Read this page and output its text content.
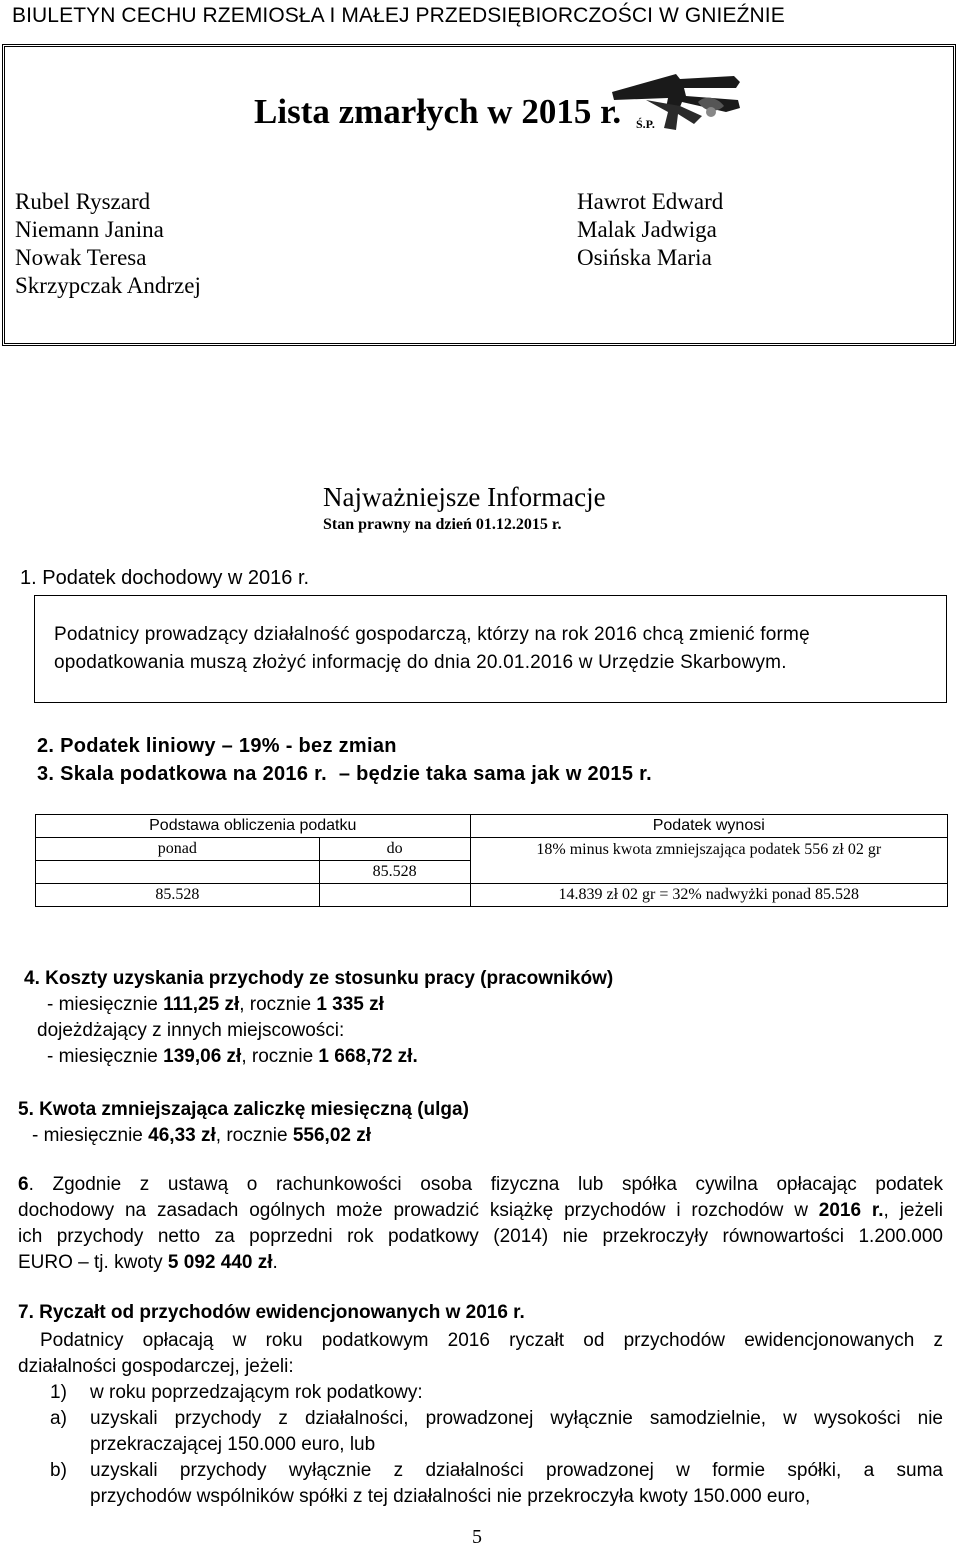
BIULETYN CECHU RZEMIOSŁA I MAŁEJ PRZEDSIĘBIORCZOŚCI W GNIEŹNIE
Lista zmarłych w 2015 r. Ś.P.
Rubel Ryszard
Niemann Janina
Nowak Teresa
Skrzypczak Andrzej
Hawrot Edward
Malak Jadwiga
Osińska Maria
Najważniejsze Informacje
Stan prawny na dzień 01.12.2015 r.
1. Podatek dochodowy w 2016 r.
Podatnicy prowadzący działalność gospodarczą, którzy na rok 2016 chcą zmienić formę
opodatkowania muszą złożyć informację do dnia 20.01.2016 w Urzędzie Skarbowym.
2. Podatek liniowy – 19% - bez zmian
3. Skala podatkowa na 2016 r. – będzie taka sama jak w 2015 r.
Podstawa obliczenia podatku		Podatek wynosi
ponad	do	18% minus kwota zmniejszająca podatek 556 zł 02 gr
	85.528	
85.528		14.839 zł 02 gr = 32% nadwyżki ponad 85.528
4. Koszty uzyskania przychody ze stosunku pracy (pracowników)
- miesięcznie 111,25 zł, rocznie 1 335 zł
dojeżdżający z innych miejscowości:
- miesięcznie 139,06 zł, rocznie 1 668,72 zł.
5. Kwota zmniejszająca zaliczkę miesięczną (ulga)
- miesięcznie 46,33 zł, rocznie 556,02 zł
6. Zgodnie z ustawą o rachunkowości osoba fizyczna lub spółka cywilna opłacając podatek
dochodowy na zasadach ogólnych może prowadzić książkę przychodów i rozchodów w 2016 r., jeżeli
ich przychody netto za poprzedni rok podatkowy (2014) nie przekroczyły równowartości 1.200.000
EURO – tj. kwoty 5 092 440 zł.
7. Ryczałt od przychodów ewidencjonowanych w 2016 r.
Podatnicy opłacają w roku podatkowym 2016 ryczałt od przychodów ewidencjonowanych z
działalności gospodarczej, jeżeli:
1) w roku poprzedzającym rok podatkowy:
a) uzyskali przychody z działalności, prowadzonej wyłącznie samodzielnie, w wysokości nie
przekraczającej 150.000 euro, lub
b) uzyskali przychody wyłącznie z działalności prowadzonej w formie spółki, a suma
przychodów wspólników spółki z tej działalności nie przekroczyła kwoty 150.000 euro,
5
